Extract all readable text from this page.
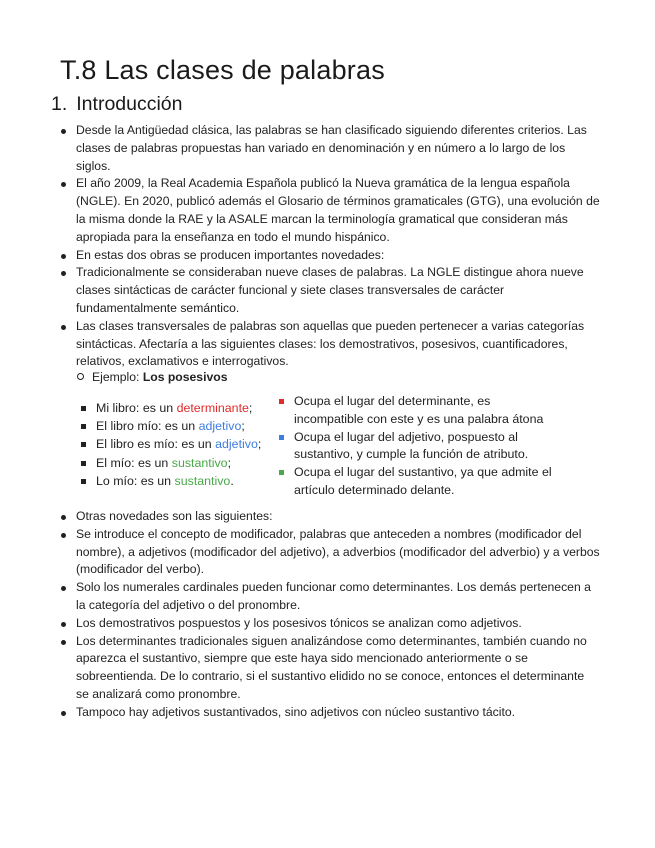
T.8 Las clases de palabras
1. Introducción
Desde la Antigüedad clásica, las palabras se han clasificado siguiendo diferentes criterios. Las clases de palabras propuestas han variado en denominación y en número a lo largo de los siglos.
El año 2009, la Real Academia Española publicó la Nueva gramática de la lengua española (NGLE). En 2020, publicó además el Glosario de términos gramaticales (GTG), una evolución de la misma donde la RAE y la ASALE marcan la terminología gramatical que consideran más apropiada para la enseñanza en todo el mundo hispánico.
En estas dos obras se producen importantes novedades:
Tradicionalmente se consideraban nueve clases de palabras. La NGLE distingue ahora nueve clases sintácticas de carácter funcional y siete clases transversales de carácter fundamentalmente semántico.
Las clases transversales de palabras son aquellas que pueden pertenecer a varias categorías sintácticas. Afectaría a las siguientes clases: los demostrativos, posesivos, cuantificadores, relativos, exclamativos e interrogativos.
Ejemplo: Los posesivos
Mi libro: es un determinante;
El libro mío: es un adjetivo;
El libro es mío: es un adjetivo;
El mío: es un sustantivo;
Lo mío: es un sustantivo.
Ocupa el lugar del determinante, es incompatible con este y es una palabra átona
Ocupa el lugar del adjetivo, pospuesto al sustantivo, y cumple la función de atributo.
Ocupa el lugar del sustantivo, ya que admite el artículo determinado delante.
Otras novedades son las siguientes:
Se introduce el concepto de modificador, palabras que anteceden a nombres (modificador del nombre), a adjetivos (modificador del adjetivo), a adverbios (modificador del adverbio) y a verbos (modificador del verbo).
Solo los numerales cardinales pueden funcionar como determinantes. Los demás pertenecen a la categoría del adjetivo o del pronombre.
Los demostrativos pospuestos y los posesivos tónicos se analizan como adjetivos.
Los determinantes tradicionales siguen analizándose como determinantes, también cuando no aparezca el sustantivo, siempre que este haya sido mencionado anteriormente o se sobreentienda. De lo contrario, si el sustantivo elidido no se conoce, entonces el determinante se analizará como pronombre.
Tampoco hay adjetivos sustantivados, sino adjetivos con núcleo sustantivo tácito.
